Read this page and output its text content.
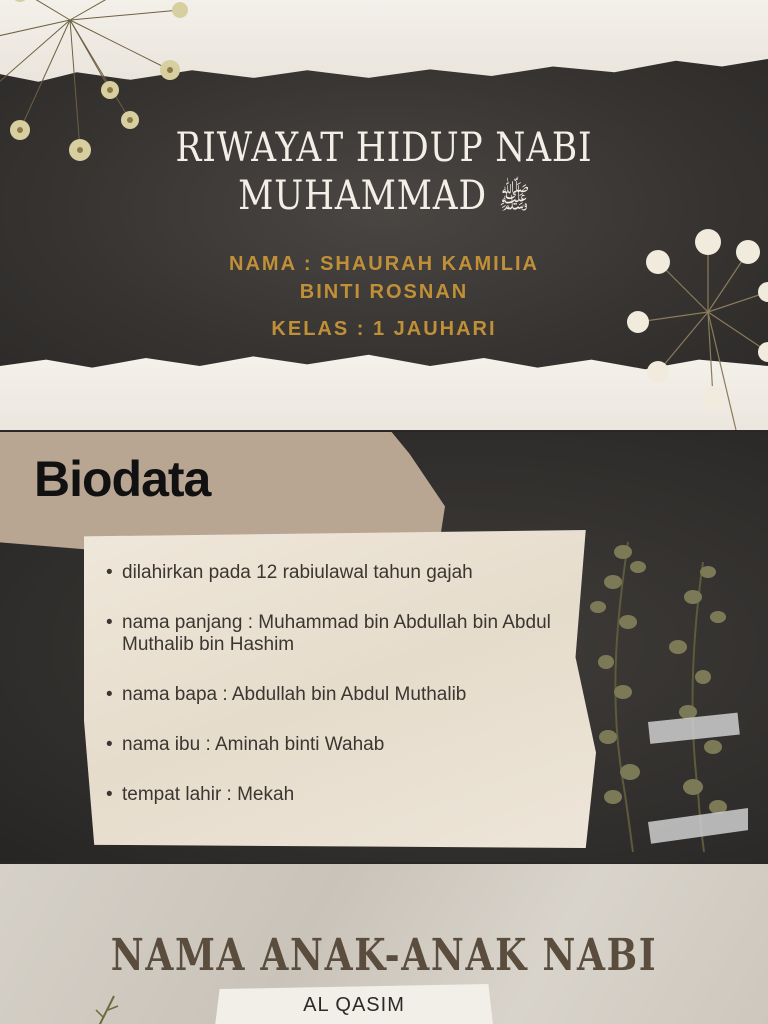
RIWAYAT HIDUP NABI
MUHAMMAD ﷺ
NAMA : SHAURAH KAMILIA
BINTI ROSNAN
KELAS : 1 JAUHARI
Biodata
• dilahirkan pada 12 rabiulawal tahun gajah
• nama panjang : Muhammad bin Abdullah bin Abdul Muthalib bin Hashim
• nama bapa : Abdullah bin Abdul Muthalib
• nama ibu : Aminah binti Wahab
• tempat lahir : Mekah
NAMA ANAK-ANAK NABI
AL QASIM
